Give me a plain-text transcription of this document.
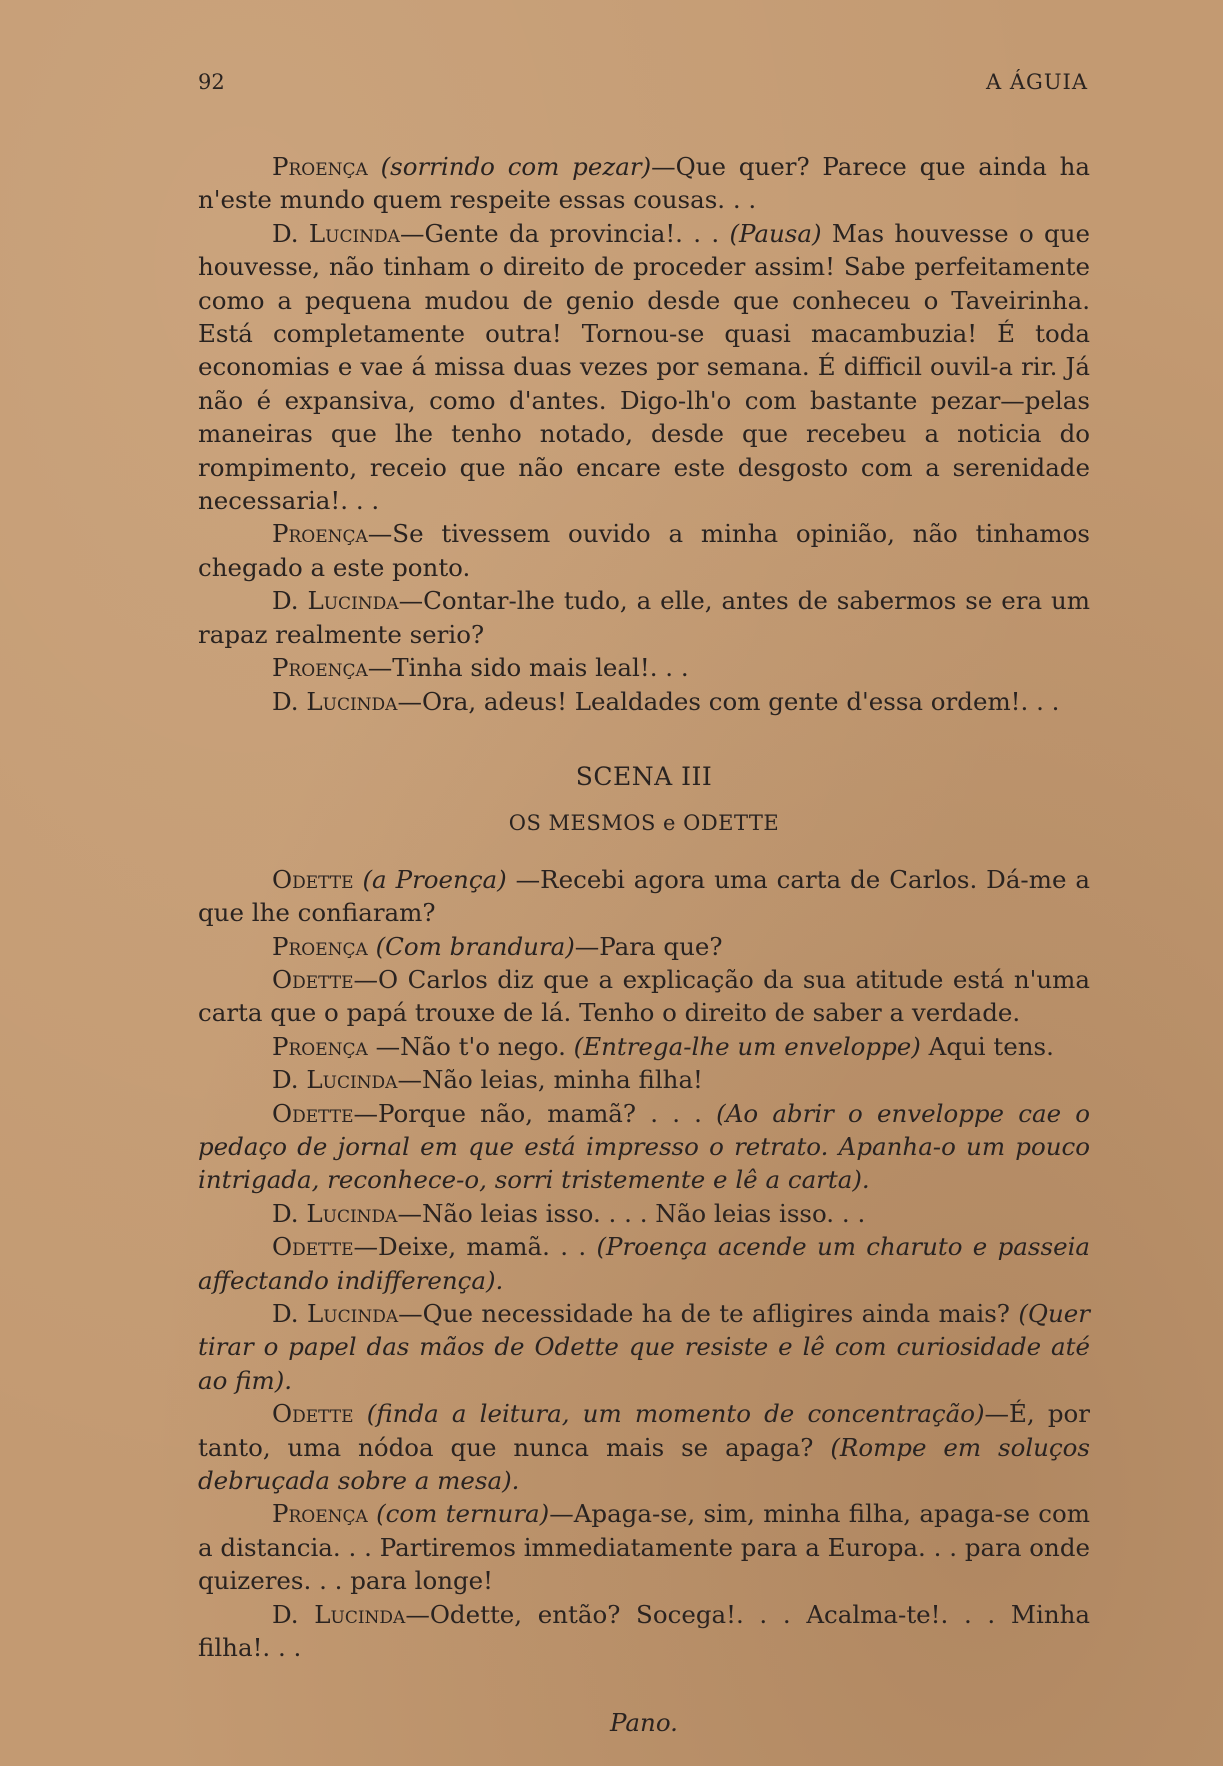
92	A ÁGUIA

Proença (sorrindo com pezar)—Que quer? Parece que ainda ha n'este mundo quem respeite essas cousas. . .

D. Lucinda—Gente da provincia!. . . (Pausa) Mas houvesse o que houvesse, não tinham o direito de proceder assim! Sabe perfeitamente como a pequena mudou de genio desde que conheceu o Taveirinha. Está completamente outra! Tornou-se quasi macambuzia! É toda economias e vae á missa duas vezes por semana. É difficil ouvil-a rir. Já não é expansiva, como d'antes. Digo-lh'o com bastante pezar—pelas maneiras que lhe tenho notado, desde que recebeu a noticia do rompimento, receio que não encare este desgosto com a serenidade necessaria!. . .

Proença—Se tivessem ouvido a minha opinião, não tinhamos chegado a este ponto.

D. Lucinda—Contar-lhe tudo, a elle, antes de sabermos se era um rapaz realmente serio?

Proença—Tinha sido mais leal!. . .

D. Lucinda—Ora, adeus! Lealdades com gente d'essa ordem!. . .

SCENA III

OS MESMOS e ODETTE

Odette (a Proença) —Recebi agora uma carta de Carlos. Dá-me a que lhe confiaram?

Proença (Com brandura)—Para que?

Odette—O Carlos diz que a explicação da sua atitude está n'uma carta que o papá trouxe de lá. Tenho o direito de saber a verdade.

Proença —Não t'o nego. (Entrega-lhe um enveloppe) Aqui tens.

D. Lucinda—Não leias, minha filha!

Odette—Porque não, mamã? . . . (Ao abrir o enveloppe cae o pedaço de jornal em que está impresso o retrato. Apanha-o um pouco intrigada, reconhece-o, sorri tristemente e lê a carta).

D. Lucinda—Não leias isso. . . . Não leias isso. . .

Odette—Deixe, mamã. . . (Proença acende um charuto e passeia affectando indifferença).

D. Lucinda—Que necessidade ha de te afligires ainda mais? (Quer tirar o papel das mãos de Odette que resiste e lê com curiosidade até ao fim).

Odette (finda a leitura, um momento de concentração)—É, por tanto, uma nódoa que nunca mais se apaga? (Rompe em soluços debruçada sobre a mesa).

Proença (com ternura)—Apaga-se, sim, minha filha, apaga-se com a distancia. . . Partiremos immediatamente para a Europa. . . para onde quizeres. . . para longe!

D. Lucinda—Odette, então? Socega!. . . Acalma-te!. . . Minha filha!. . .

Pano.
